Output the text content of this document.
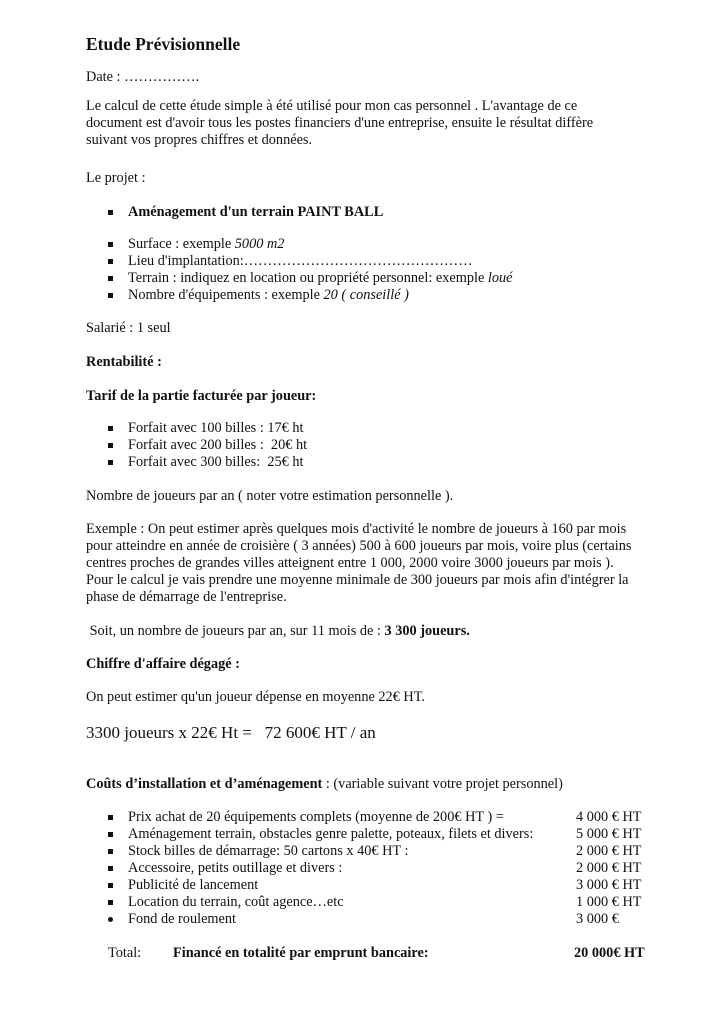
Etude Prévisionnelle
Date : …………….
Le calcul de cette étude simple à été utilisé pour mon cas personnel . L'avantage de ce document est d'avoir tous les postes financiers d'une entreprise, ensuite le résultat diffère suivant vos propres chiffres et données.
Le projet :
Aménagement d'un terrain PAINT BALL
Surface : exemple 5000 m2
Lieu d'implantation:…………………………………………
Terrain : indiquez en location ou propriété personnel: exemple loué
Nombre d'équipements : exemple 20 ( conseillé )
Salarié : 1 seul
Rentabilité :
Tarif de la partie facturée par joueur:
Forfait avec 100 billes : 17€ ht
Forfait avec 200 billes :  20€ ht
Forfait avec 300 billes:  25€ ht
Nombre de joueurs par an ( noter votre estimation personnelle ).
Exemple : On peut estimer après quelques mois d'activité le nombre de joueurs à 160 par mois pour atteindre en année de croisière ( 3 années) 500 à 600 joueurs par mois, voire plus (certains centres proches de grandes villes atteignent entre 1 000, 2000 voire 3000 joueurs par mois ). Pour le calcul je vais prendre une moyenne minimale de 300 joueurs par mois afin d'intégrer la phase de démarrage de l'entreprise.
Soit, un nombre de joueurs par an, sur 11 mois de : 3 300 joueurs.
Chiffre d'affaire dégagé :
On peut estimer qu'un joueur dépense en moyenne 22€ HT.
3300 joueurs x 22€ Ht =   72 600€ HT / an
Coûts d’installation et d’aménagement : (variable suivant votre projet personnel)
Prix achat de 20 équipements complets (moyenne de 200€ HT ) =	4 000 € HT
Aménagement terrain, obstacles genre palette, poteaux, filets et divers:	5 000 € HT
Stock billes de démarrage: 50 cartons x 40€ HT :	2 000 € HT
Accessoire, petits outillage et divers :	2 000 € HT
Publicité de lancement	3 000 € HT
Location du terrain, coût agence…etc	1 000 € HT
Fond de roulement	3 000 €
Total:	Financé en totalité par emprunt bancaire:	20 000€ HT
